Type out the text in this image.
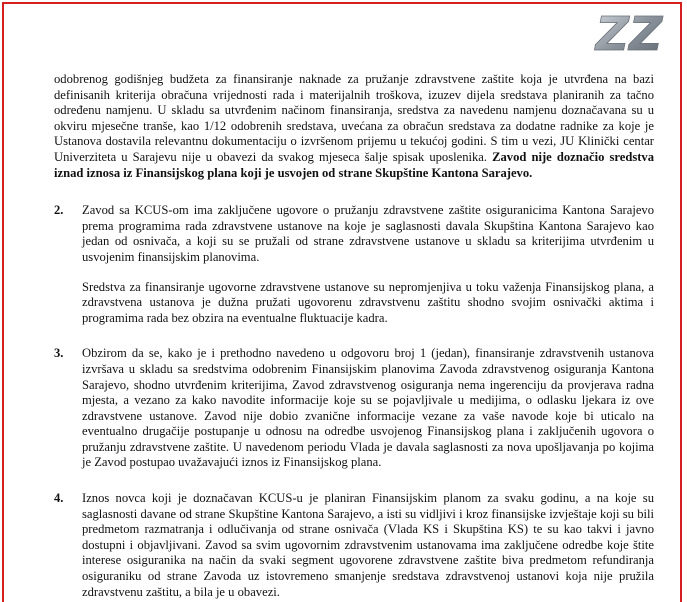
ZZ

odobrenog godišnjeg budžeta za finansiranje naknade za pružanje zdravstvene zaštite koja je utvrđena na bazi definisanih kriterija obračuna vrijednosti rada i materijalnih troškova, izuzev dijela sredstava planiranih za tačno određenu namjenu. U skladu sa utvrđenim načinom finansiranja, sredstva za navedenu namjenu doznačavana su u okviru mjesečne tranše, kao 1/12 odobrenih sredstava, uvećana za obračun sredstava za dodatne radnike za koje je Ustanova dostavila relevantnu dokumentaciju o izvršenom prijemu u tekućoj godini. S tim u vezi, JU Klinički centar Univerziteta u Sarajevu nije u obavezi da svakog mjeseca šalje spisak uposlenika. Zavod nije doznačio sredstva iznad iznosa iz Finansijskog plana koji je usvojen od strane Skupštine Kantona Sarajevo.

2. Zavod sa KCUS-om ima zaključene ugovore o pružanju zdravstvene zaštite osiguranicima Kantona Sarajevo prema programima rada zdravstvene ustanove na koje je saglasnosti davala Skupština Kantona Sarajevo kao jedan od osnivača, a koji su se pružali od strane zdravstvene ustanove u skladu sa kriterijima utvrđenim u usvojenim finansijskim planovima.

Sredstva za finansiranje ugovorne zdravstvene ustanove su nepromjenjiva u toku važenja Finansijskog plana, a zdravstvena ustanova je dužna pružati ugovorenu zdravstvenu zaštitu shodno svojim osnivački aktima i programima rada bez obzira na eventualne fluktuacije kadra.

3. Obzirom da se, kako je i prethodno navedeno u odgovoru broj 1 (jedan), finansiranje zdravstvenih ustanova izvršava u skladu sa sredstvima odobrenim Finansijskim planovima Zavoda zdravstvenog osiguranja Kantona Sarajevo, shodno utvrđenim kriterijima, Zavod zdravstvenog osiguranja nema ingerenciju da provjerava radna mjesta, a vezano za kako navodite informacije koje su se pojavljivale u medijima, o odlasku ljekara iz ove zdravstvene ustanove. Zavod nije dobio zvanične informacije vezane za vaše navode koje bi uticalo na eventualno drugačije postupanje u odnosu na odredbe usvojenog Finansijskog plana i zaključenih ugovora o pružanju zdravstvene zaštite. U navedenom periodu Vlada je davala saglasnosti za nova upošljavanja po kojima je Zavod postupao uvažavajući iznos iz Finansijskog plana.

4. Iznos novca koji je doznačavan KCUS-u je planiran Finansijskim planom za svaku godinu, a na koje su saglasnosti davane od strane Skupštine Kantona Sarajevo, a isti su vidljivi i kroz finansijske izvještaje koji su bili predmetom razmatranja i odlučivanja od strane osnivača (Vlada KS i Skupština KS) te su kao takvi i javno dostupni i objavljivani. Zavod sa svim ugovornim zdravstvenim ustanovama ima zaključene odredbe koje štite interese osiguranika na način da svaki segment ugovorene zdravstvene zaštite biva predmetom refundiranja osiguraniku od strane Zavoda uz istovremeno smanjenje sredstava zdravstvenoj ustanovi koja nije pružila zdravstvenu zaštitu, a bila je u obavezi.
